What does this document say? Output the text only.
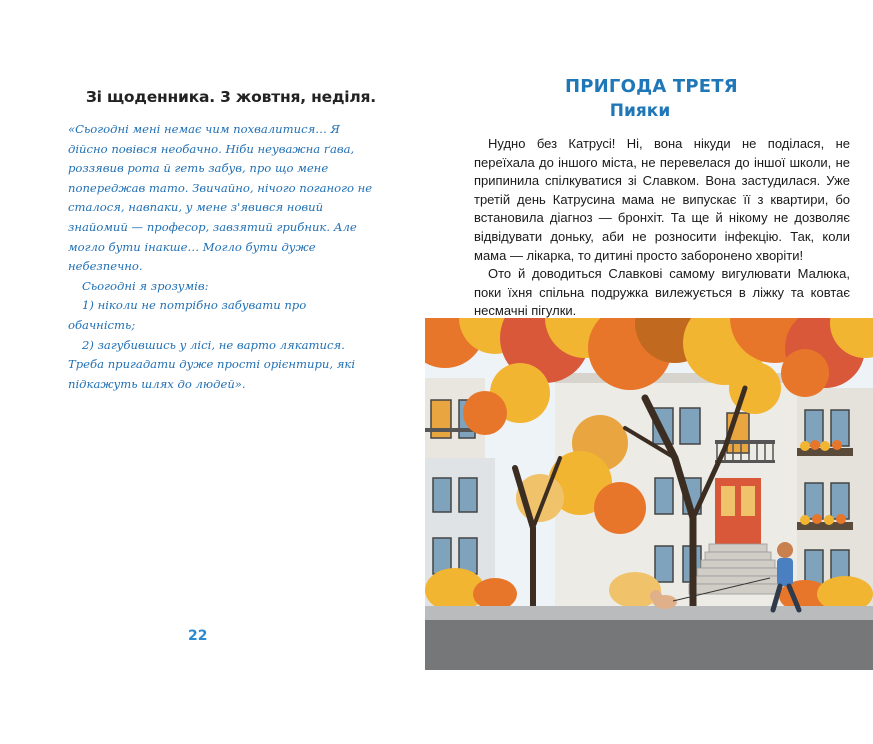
Зі щоденника. 3 жовтня, неділя.

«Сьогодні мені немає чим похвалитися… Я дійсно повівся необачно. Ніби неуважна ґава, роззявив рота й геть забув, про що мене попереджав тато. Звичайно, нічого поганого не сталося, навпаки, у мене з'явився новий знайомий — професор, завзятий грибник. Але могло бути інакше… Могло бути дуже небезпечно.

Сьогодні я зрозумів:

1) ніколи не потрібно забувати про обачність;

2) загубившись у лісі, не варто лякатися. Треба пригадати дуже прості орієнтири, які підкажуть шлях до людей».

22
ПРИГОДА ТРЕТЯ
Пияки

Нудно без Катрусі! Ні, вона нікуди не поділася, не переїхала до іншого міста, не перевелася до іншої школи, не припинила спілкуватися зі Славком. Вона застудилася. Уже третій день Катрусина мама не випускає її з квартири, бо встановила діагноз — бронхіт. Та ще й нікому не дозволяє відвідувати доньку, аби не розносити інфекцію. Так, коли мама — лікарка, то дитині просто заборонено хворіти!

Ото й доводиться Славкові самому вигулювати Малюка, поки їхня спільна подружка вилежується в ліжку та ковтає несмачні пігулки.
